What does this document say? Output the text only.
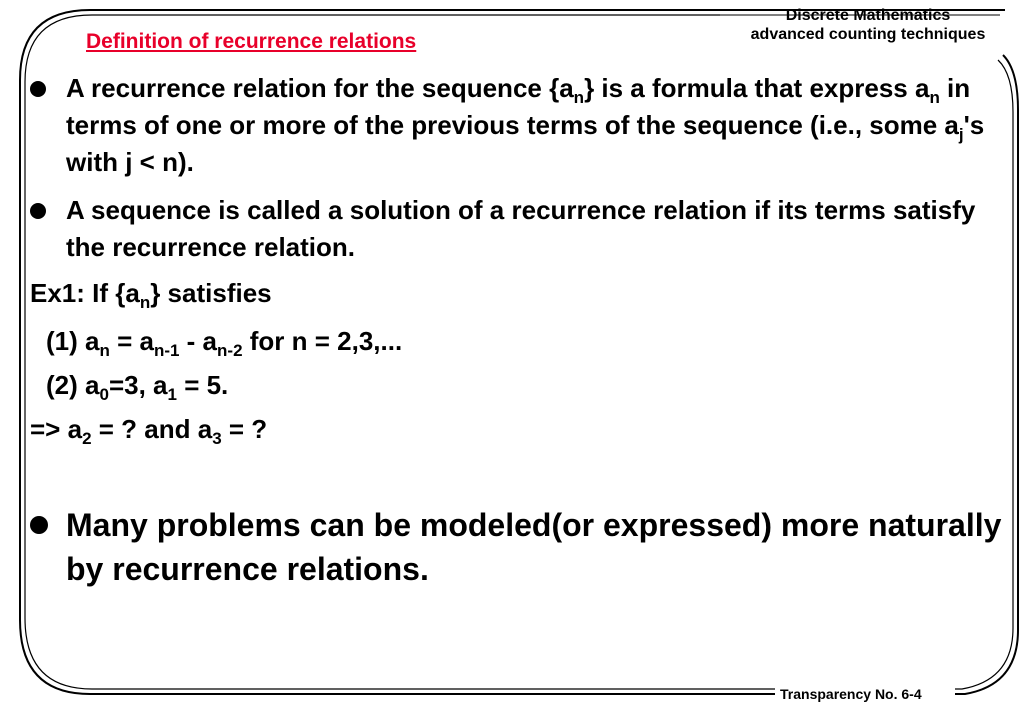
Discrete Mathematics
advanced counting techniques
Definition of recurrence relations
A recurrence relation for the sequence $\{a_n\}$ is a formula that express $a_n$ in terms of one or more of the previous terms of the sequence (i.e., some $a_j's$ with j < n).
A sequence is called a solution of a recurrence relation if its terms satisfy the recurrence relation.
Ex1: If $\{a_n\}$ satisfies
(1) $a_n = a_{n-1} - a_{n-2}$ for n = 2,3,...
(2) $a_0=3$, $a_1 = 5$.
=> $a_2$ = ? and $a_3$ = ?
Many problems can be modeled(or expressed) more naturally by recurrence relations.
Transparency No. 6-4
